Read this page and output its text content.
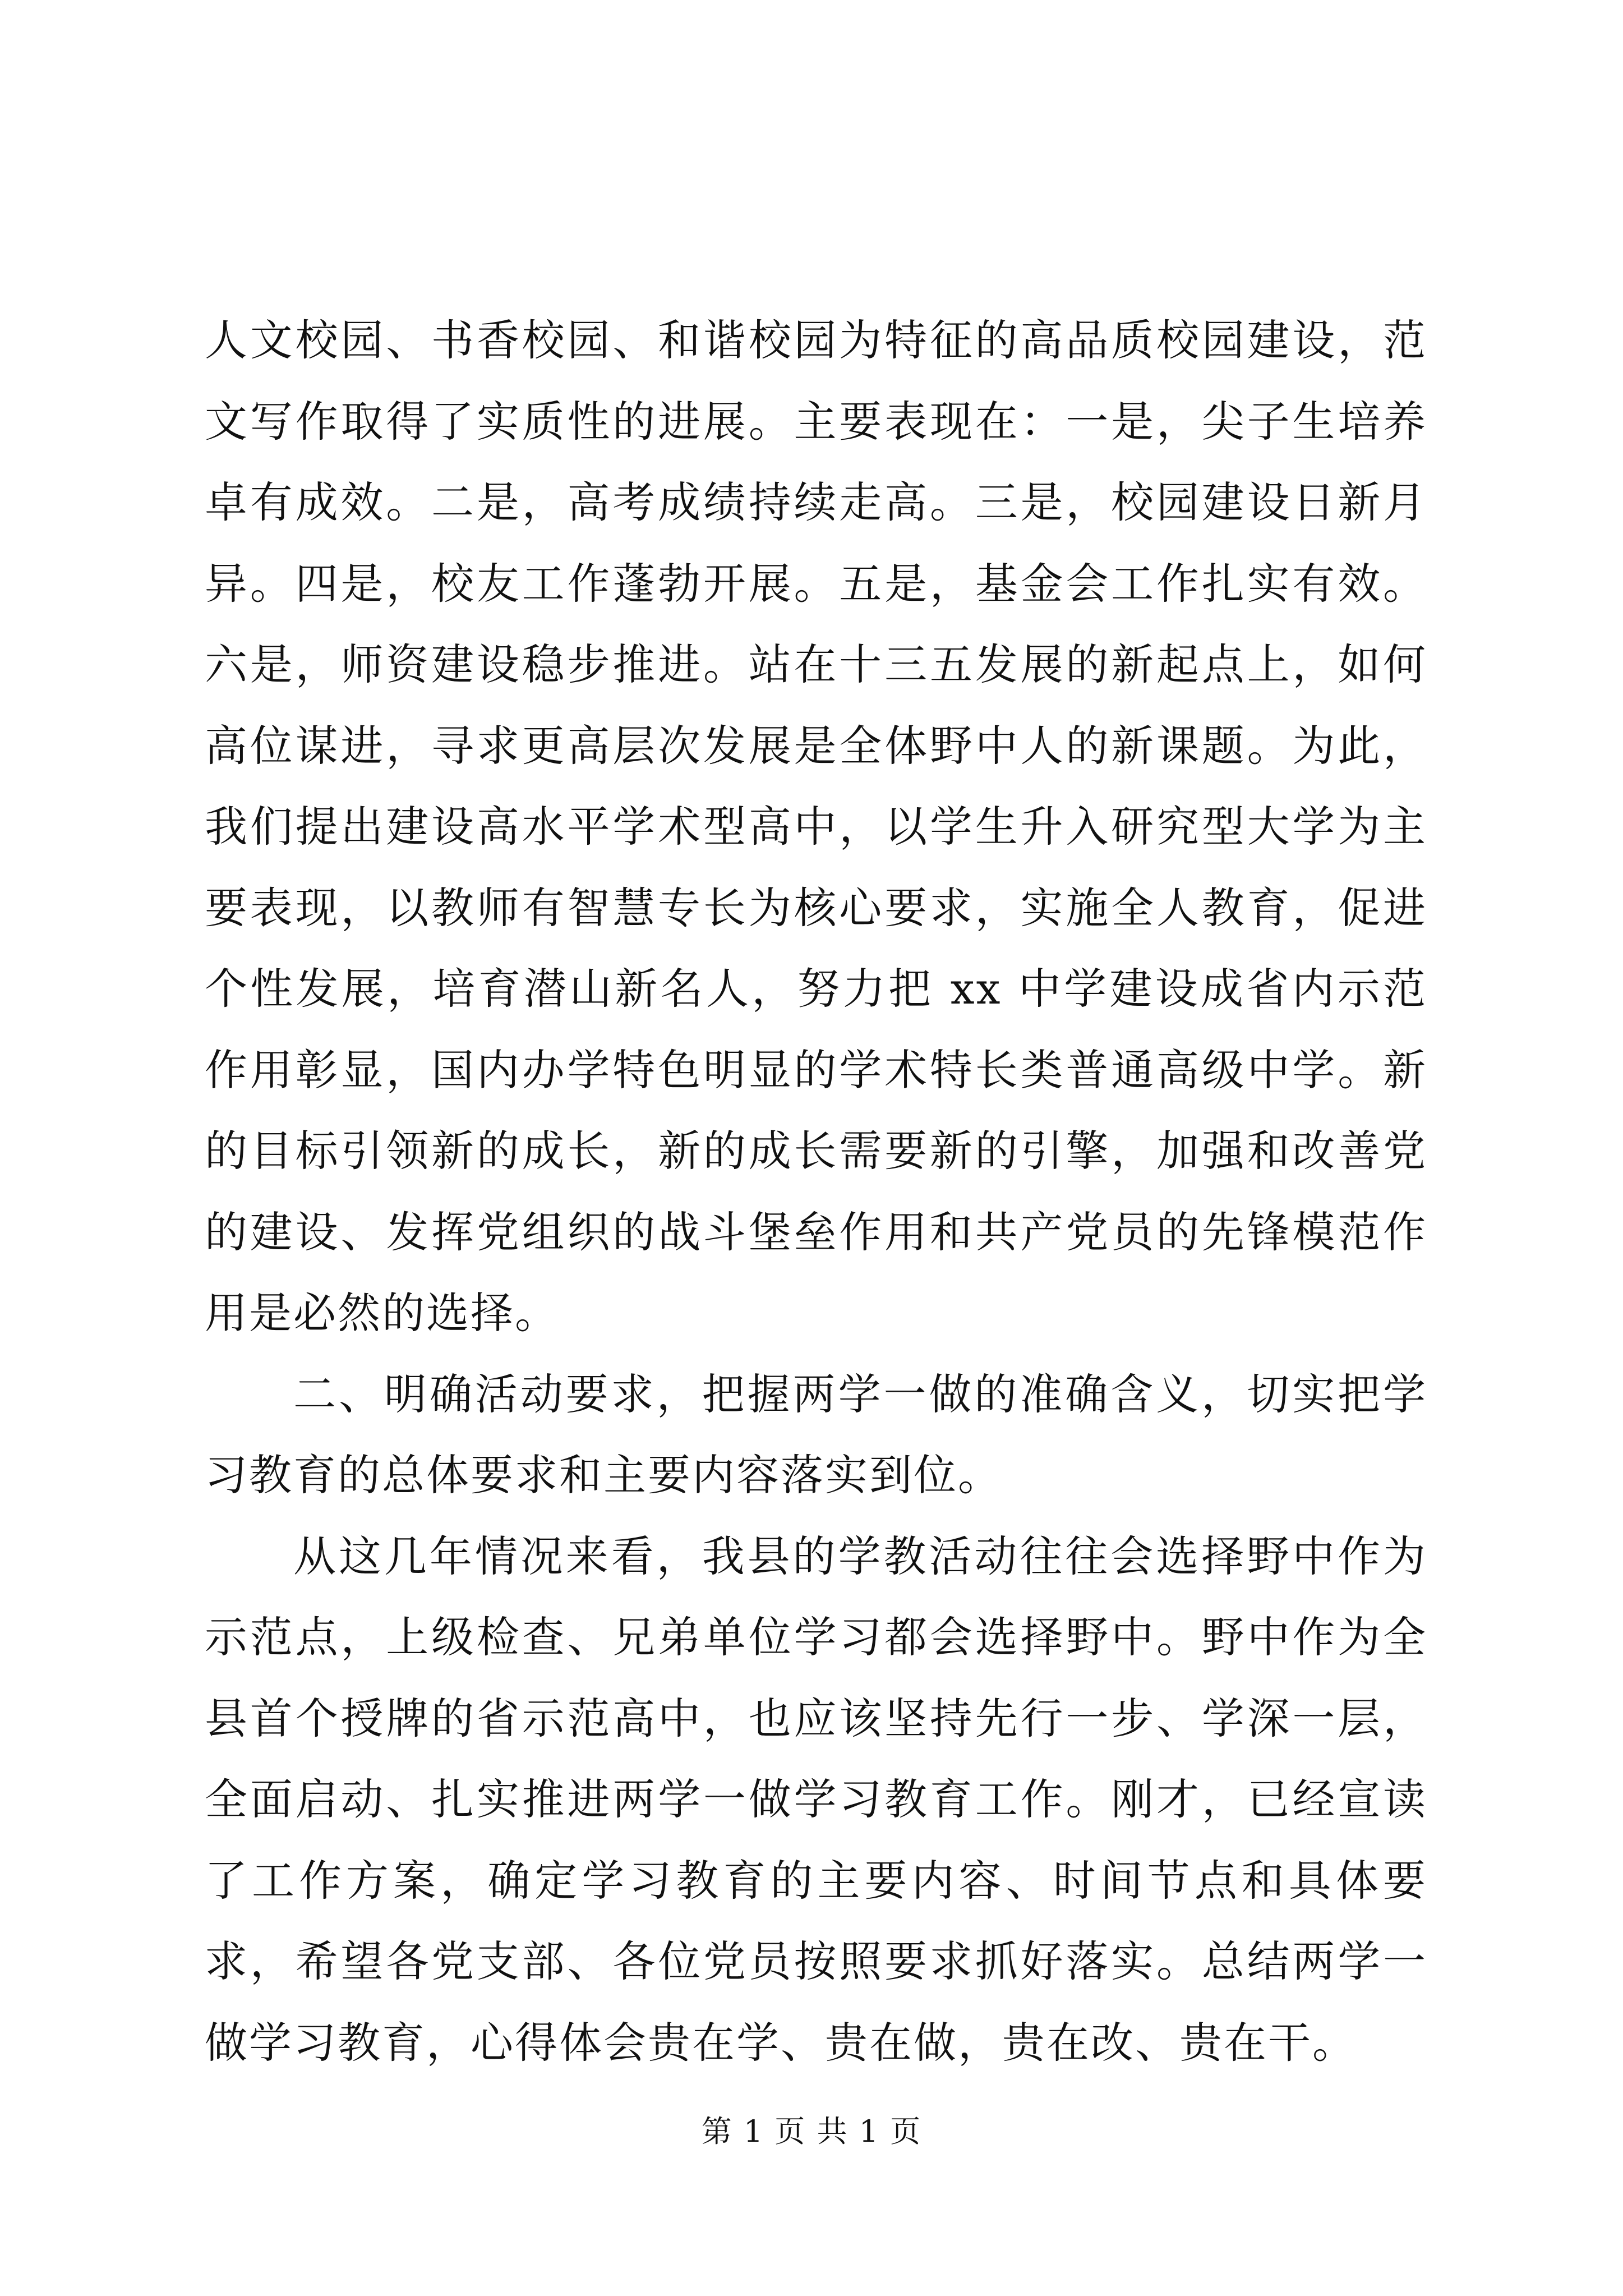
人文校园、书香校园、和谐校园为特征的高品质校园建设，范文写作取得了实质性的进展。主要表现在：一是，尖子生培养卓有成效。二是，高考成绩持续走高。三是，校园建设日新月异。四是，校友工作蓬勃开展。五是，基金会工作扎实有效。六是，师资建设稳步推进。站在十三五发展的新起点上，如何高位谋进，寻求更高层次发展是全体野中人的新课题。为此，我们提出建设高水平学术型高中，以学生升入研究型大学为主要表现，以教师有智慧专长为核心要求，实施全人教育，促进个性发展，培育潜山新名人，努力把 xx 中学建设成省内示范作用彰显，国内办学特色明显的学术特长类普通高级中学。新的目标引领新的成长，新的成长需要新的引擎，加强和改善党的建设、发挥党组织的战斗堡垒作用和共产党员的先锋模范作用是必然的选择。

二、明确活动要求，把握两学一做的准确含义，切实把学习教育的总体要求和主要内容落实到位。

从这几年情况来看，我县的学教活动往往会选择野中作为示范点，上级检查、兄弟单位学习都会选择野中。野中作为全县首个授牌的省示范高中，也应该坚持先行一步、学深一层，全面启动、扎实推进两学一做学习教育工作。刚才，已经宣读了工作方案，确定学习教育的主要内容、时间节点和具体要求，希望各党支部、各位党员按照要求抓好落实。总结两学一做学习教育，心得体会贵在学、贵在做，贵在改、贵在干。

第 1 页 共 1 页
